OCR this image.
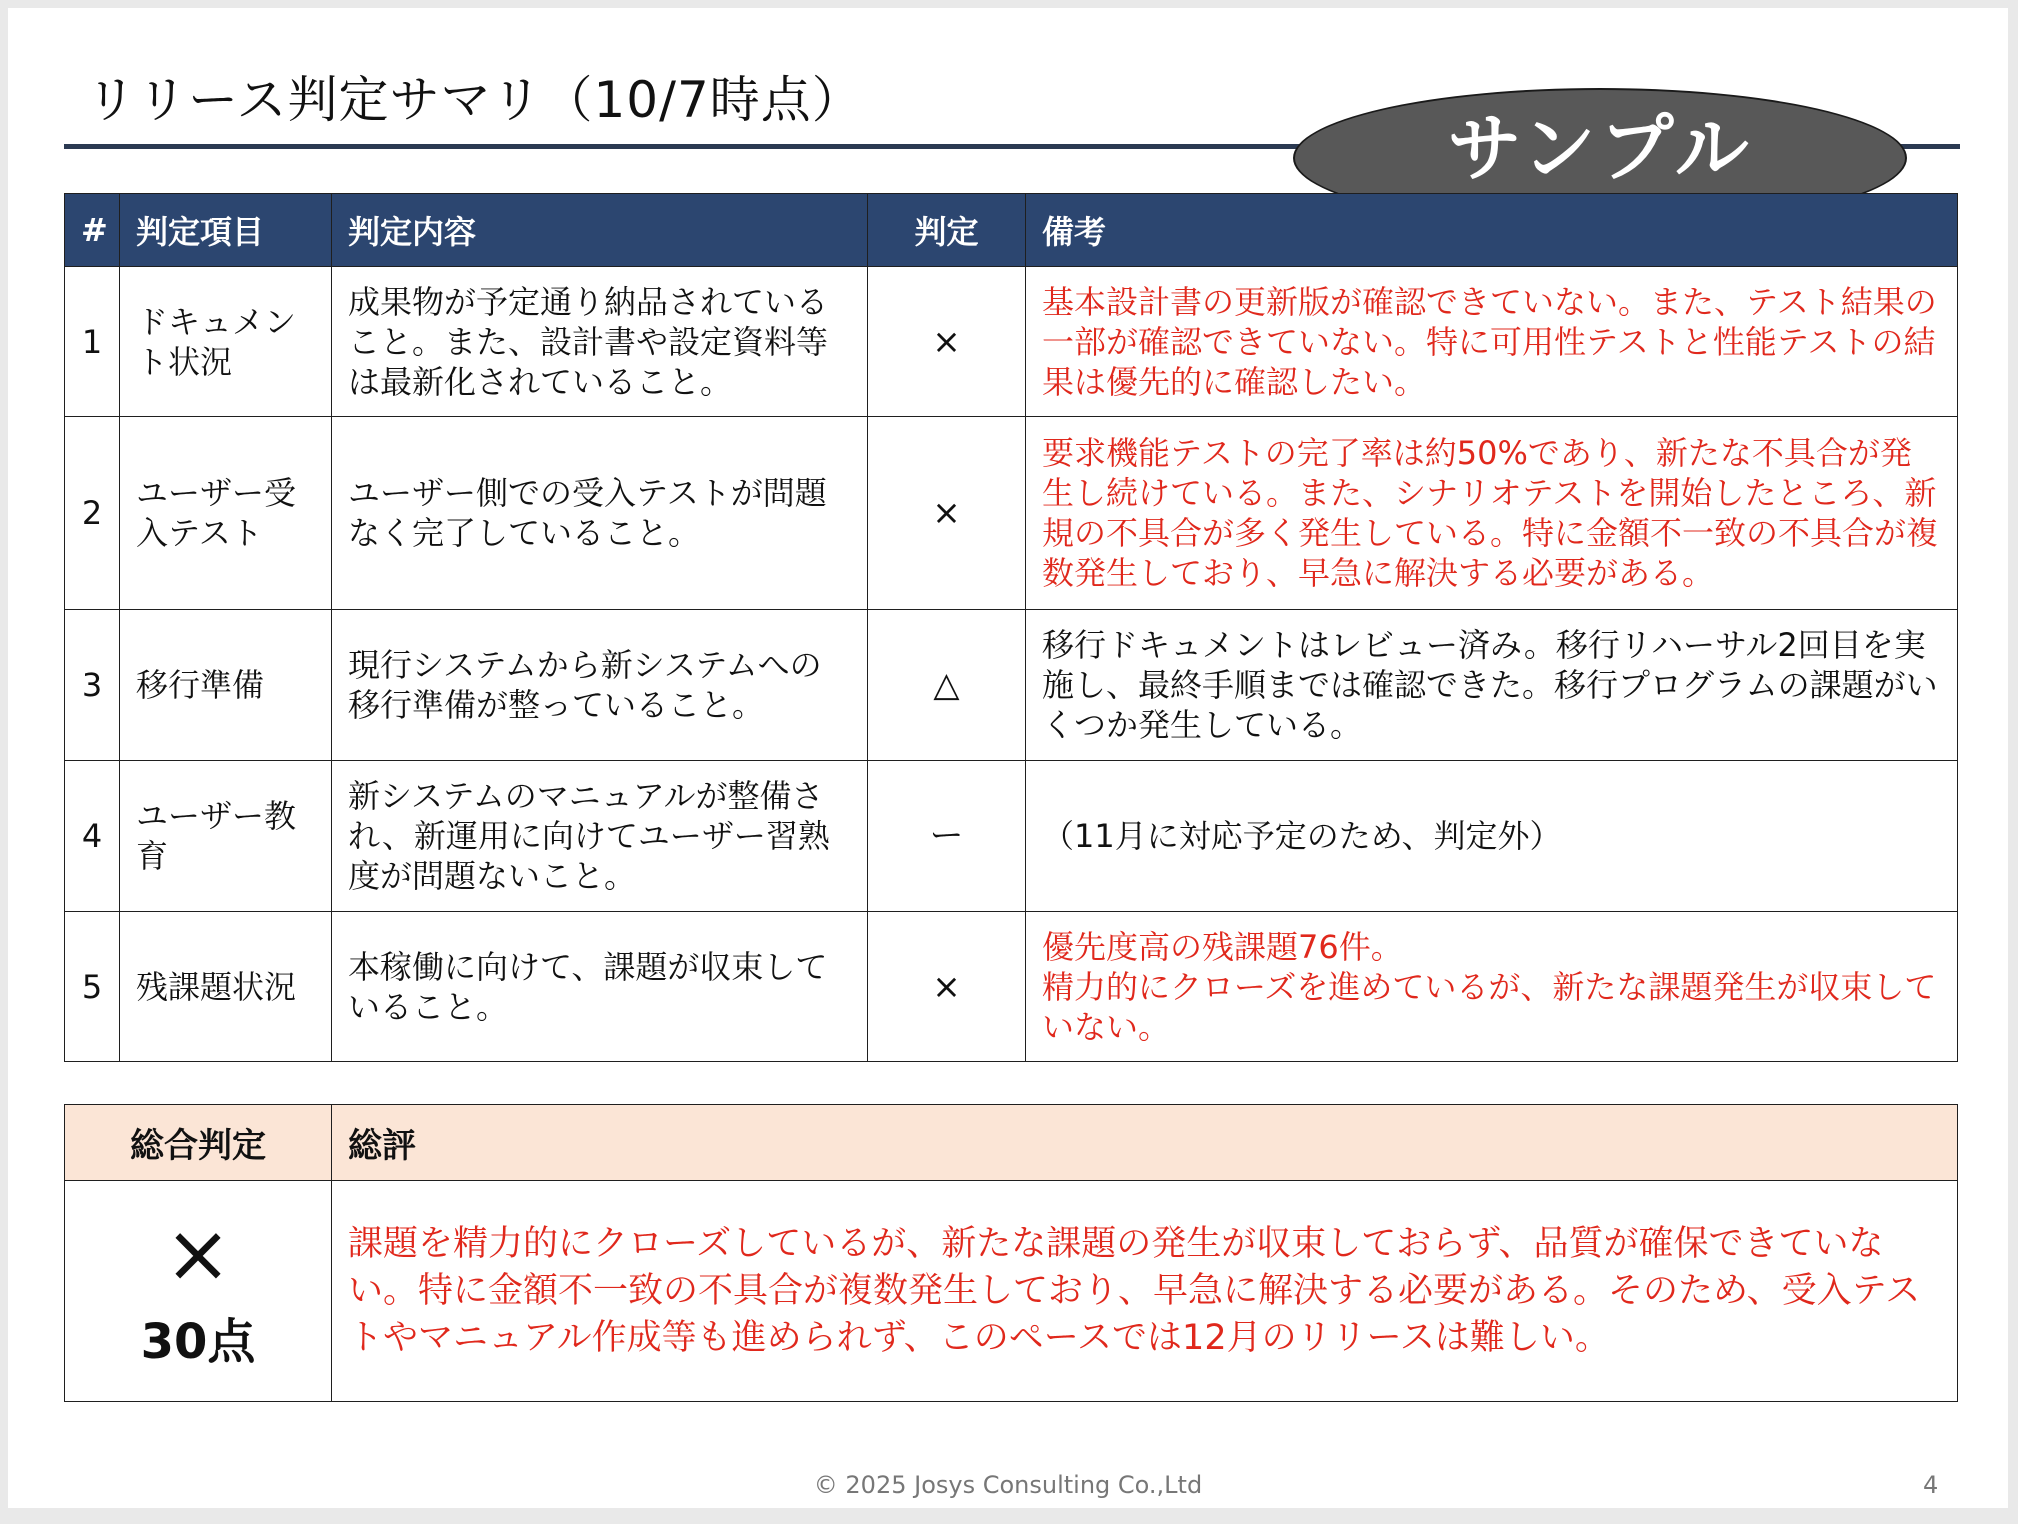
リリース判定サマリ（10/7時点）
サンプル
#	判定項目	判定内容	判定	備考
1	ドキュメント状況	成果物が予定通り納品されていること。また、設計書や設定資料等は最新化されていること。	×	基本設計書の更新版が確認できていない。また、テスト結果の一部が確認できていない。特に可用性テストと性能テストの結果は優先的に確認したい。
2	ユーザー受入テスト	ユーザー側での受入テストが問題なく完了していること。	×	要求機能テストの完了率は約50%であり、新たな不具合が発生し続けている。また、シナリオテストを開始したところ、新規の不具合が多く発生している。特に金額不一致の不具合が複数発生しており、早急に解決する必要がある。
3	移行準備	現行システムから新システムへの移行準備が整っていること。	△	移行ドキュメントはレビュー済み。移行リハーサル2回目を実施し、最終手順までは確認できた。移行プログラムの課題がいくつか発生している。
4	ユーザー教育	新システムのマニュアルが整備され、新運用に向けてユーザー習熟度が問題ないこと。	ー	（11月に対応予定のため、判定外）
5	残課題状況	本稼働に向けて、課題が収束していること。	×	優先度高の残課題76件。
精力的にクローズを進めているが、新たな課題発生が収束していない。
総合判定	総評

×
30点	課題を精力的にクローズしているが、新たな課題の発生が収束しておらず、品質が確保できていない。特に金額不一致の不具合が複数発生しており、早急に解決する必要がある。そのため、受入テストやマニュアル作成等も進められず、このペースでは12月のリリースは難しい。
© 2025 Josys Consulting Co.,Ltd	4
